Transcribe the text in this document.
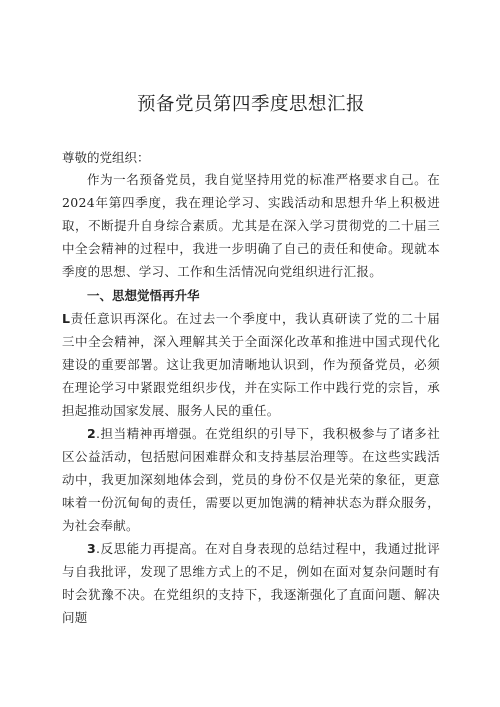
预备党员第四季度思想汇报
尊敬的党组织：

作为一名预备党员，我自觉坚持用党的标准严格要求自己。在2024年第四季度，我在理论学习、实践活动和思想升华上积极进取，不断提升自身综合素质。尤其是在深入学习贯彻党的二十届三中全会精神的过程中，我进一步明确了自己的责任和使命。现就本季度的思想、学习、工作和生活情况向党组织进行汇报。

一、思想觉悟再升华

L责任意识再深化。在过去一个季度中，我认真研读了党的二十届三中全会精神，深入理解其关于全面深化改革和推进中国式现代化建设的重要部署。这让我更加清晰地认识到，作为预备党员，必须在理论学习中紧跟党组织步伐，并在实际工作中践行党的宗旨，承担起推动国家发展、服务人民的重任。

2.担当精神再增强。在党组织的引导下，我积极参与了诸多社区公益活动，包括慰问困难群众和支持基层治理等。在这些实践活动中，我更加深刻地体会到，党员的身份不仅是光荣的象征，更意味着一份沉甸甸的责任，需要以更加饱满的精神状态为群众服务，为社会奉献。

3.反思能力再提高。在对自身表现的总结过程中，我通过批评与自我批评，发现了思维方式上的不足，例如在面对复杂问题时有时会犹豫不决。在党组织的支持下，我逐渐强化了直面问题、解决问题
